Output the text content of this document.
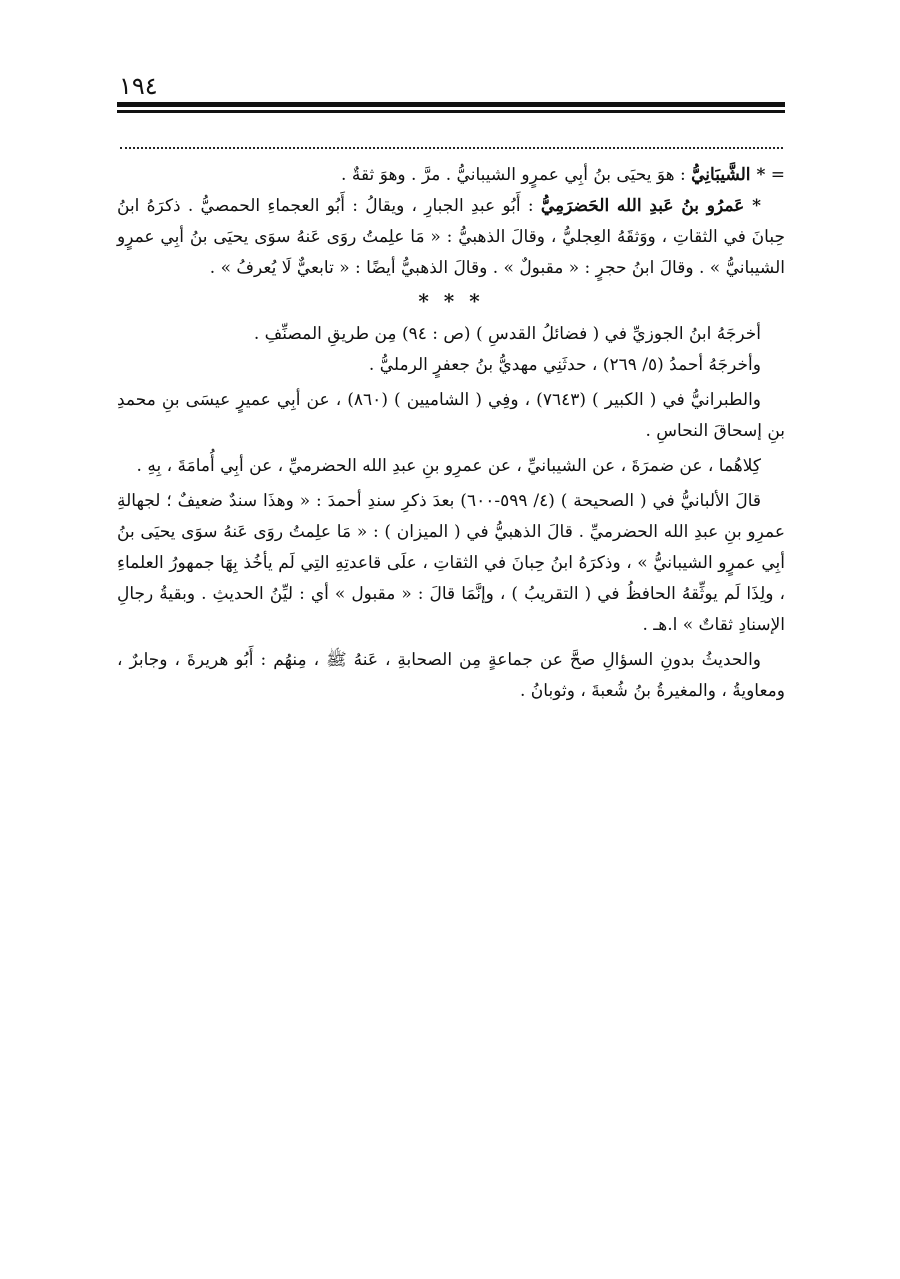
١٩٤

= * الشَّيبَانِيُّ : هوَ يحيَى بنُ أبِي عمرٍو الشيبانيُّ . مرَّ . وهوَ ثقةٌ .

* عَمرُو بنُ عَبدِ الله الحَضرَمِيُّ : أَبُو عبدِ الجبارِ ، ويقالُ : أَبُو العجماءِ الحمصيُّ . ذكرَهُ ابنُ حِبانَ في الثقاتِ ، ووَثقَهُ العِجليُّ ، وقالَ الذهبيُّ : « مَا علِمتُ روَى عَنهُ سوَى يحيَى بنُ أبِي عمرٍو الشيبانيُّ » . وقالَ ابنُ حجرٍ : « مقبولٌ » . وقالَ الذهبيُّ أيضًا : « تابعيٌّ لَا يُعرفُ » .

* * *

أخرجَهُ ابنُ الجوزيِّ في ( فضائلُ القدسِ ) (ص : ٩٤) مِن طريقِ المصنِّفِ .

وأخرجَهُ أحمدُ (٥/ ٢٦٩) ، حدثَنِي مهديُّ بنُ جعفرٍ الرمليُّ .

والطبرانيُّ في ( الكبير ) (٧٦٤٣) ، وفِي ( الشاميين ) (٨٦٠) ، عن أبِي عميرٍ عيسَى بنِ محمدِ بنِ إسحاقَ النحاسِ .

كِلاهُما ، عن ضمرَةَ ، عن الشيبانيِّ ، عن عمرِو بنِ عبدِ الله الحضرميِّ ، عن أبِي أُمامَةَ ، بِهِ .

قالَ الألبانيُّ في ( الصحيحة ) (٤/ ٥٩٩-٦٠٠) بعدَ ذكرِ سندِ أحمدَ : « وهذَا سندٌ ضعيفٌ ؛ لجهالةِ عمرِو بنِ عبدِ الله الحضرميِّ . قالَ الذهبيُّ في ( الميزان ) : « مَا علِمتُ روَى عَنهُ سوَى يحيَى بنُ أبِي عمرٍو الشيبانيُّ » ، وذكرَهُ ابنُ حِبانَ في الثقاتِ ، علَى قاعدتِهِ التِي لَم يأخُذ بِهَا جمهورُ العلماءِ ، ولِذَا لَم يوثِّقهُ الحافظُ في ( التقريبُ ) ، وإنَّمَا قالَ : « مقبول » أي : ليِّنُ الحديثِ . وبقيةُ رجالِ الإسنادِ ثقاتٌ » ا.هـ .

والحديثُ بدونِ السؤالِ صحَّ عن جماعةٍ مِن الصحابةِ ، عَنهُ ﷺ ، مِنهُم : أَبُو هريرةَ ، وجابرٌ ، ومعاويةُ ، والمغيرةُ بنُ شُعبةَ ، وثوبانُ .
